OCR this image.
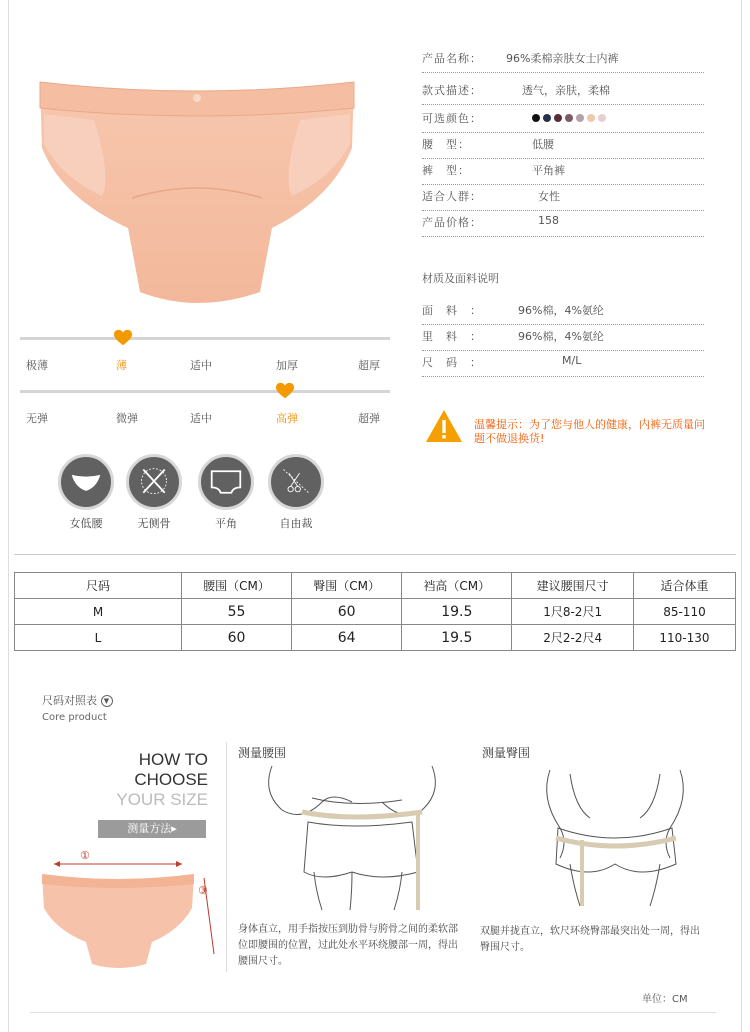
产品名称： 96%柔棉亲肤女士内裤
款式描述：	透气，亲肤，柔棉
可选颜色：
腰　型：	低腰
裤　型：	平角裤
适合人群：	女性
产品价格：	158
材质及面料说明
面　料　：	96%棉，4%氨纶
里　料　：	96%棉，4%氨纶
尺　码　：	M/L
极薄	薄	适中	加厚	超厚
无弹	微弹	适中	高弹	超弹
女低腰	无侧骨	平角	自由裁
温馨提示：为了您与他人的健康，内裤无质量问题不做退换货!
尺码	腰围（CM）	臀围（CM）	裆高（CM）	建议腰围尺寸	适合体重
M	55	60	19.5	1尺8-2尺1	85-110
L	60	64	19.5	2尺2-2尺4	110-130
尺码对照表 ▼
Core product
HOW TO
CHOOSE
YOUR SIZE
测量方法▸
①
③
测量腰围
身体直立，用手指按压到肋骨与胯骨之间的柔软部位即腰围的位置，过此处水平环绕腰部一周，得出腰围尺寸。
测量臀围
双腿并拢直立，软尺环绕臀部最突出处一周，得出臀围尺寸。
单位：CM
